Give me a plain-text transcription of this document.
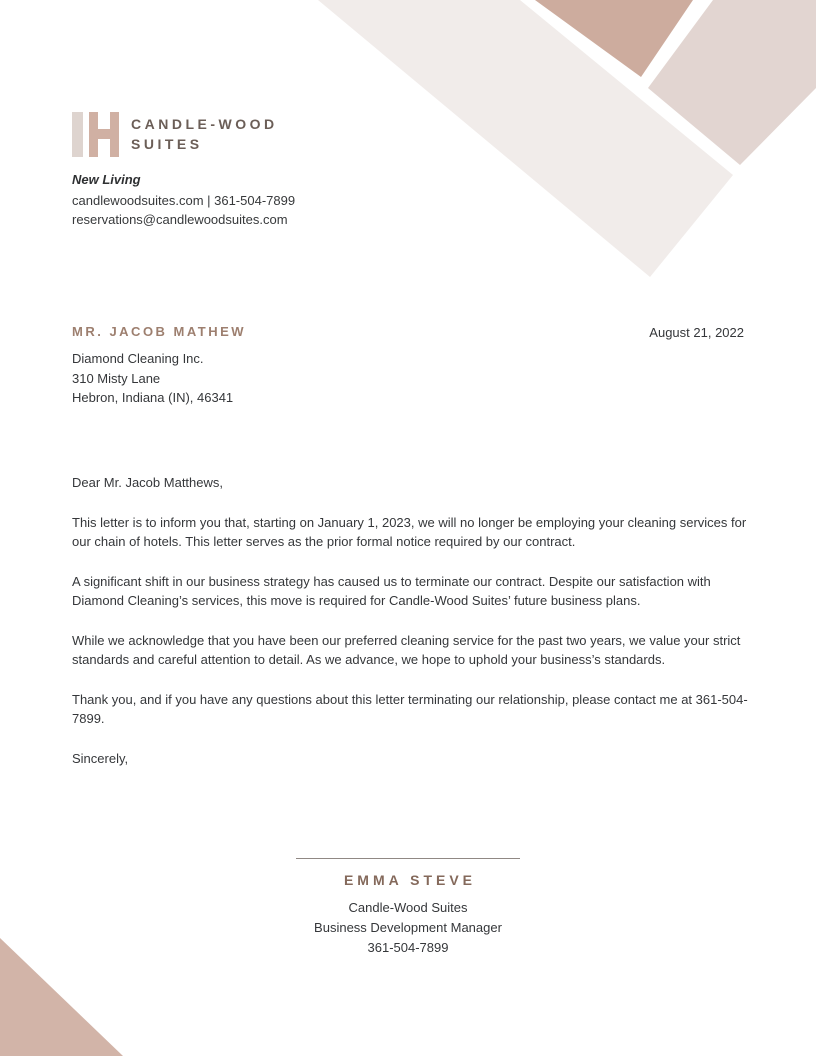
CANDLE-WOOD
SUITES
New Living
candlewoodsuites.com | 361-504-7899
reservations@candlewoodsuites.com
MR. JACOB MATHEW
Diamond Cleaning Inc.
310 Misty Lane
Hebron, Indiana (IN), 46341
August 21, 2022

Dear Mr. Jacob Matthews,

This letter is to inform you that, starting on January 1, 2023, we will no longer be employing your cleaning services for our chain of hotels. This letter serves as the prior formal notice required by our contract.

A significant shift in our business strategy has caused us to terminate our contract. Despite our satisfaction with Diamond Cleaning’s services, this move is required for Candle-Wood Suites’ future business plans.

While we acknowledge that you have been our preferred cleaning service for the past two years, we value your strict standards and careful attention to detail. As we advance, we hope to uphold your business’s standards.

Thank you, and if you have any questions about this letter terminating our relationship, please contact me at 361-504-7899.

Sincerely,

EMMA STEVE
Candle-Wood Suites
Business Development Manager
361-504-7899
